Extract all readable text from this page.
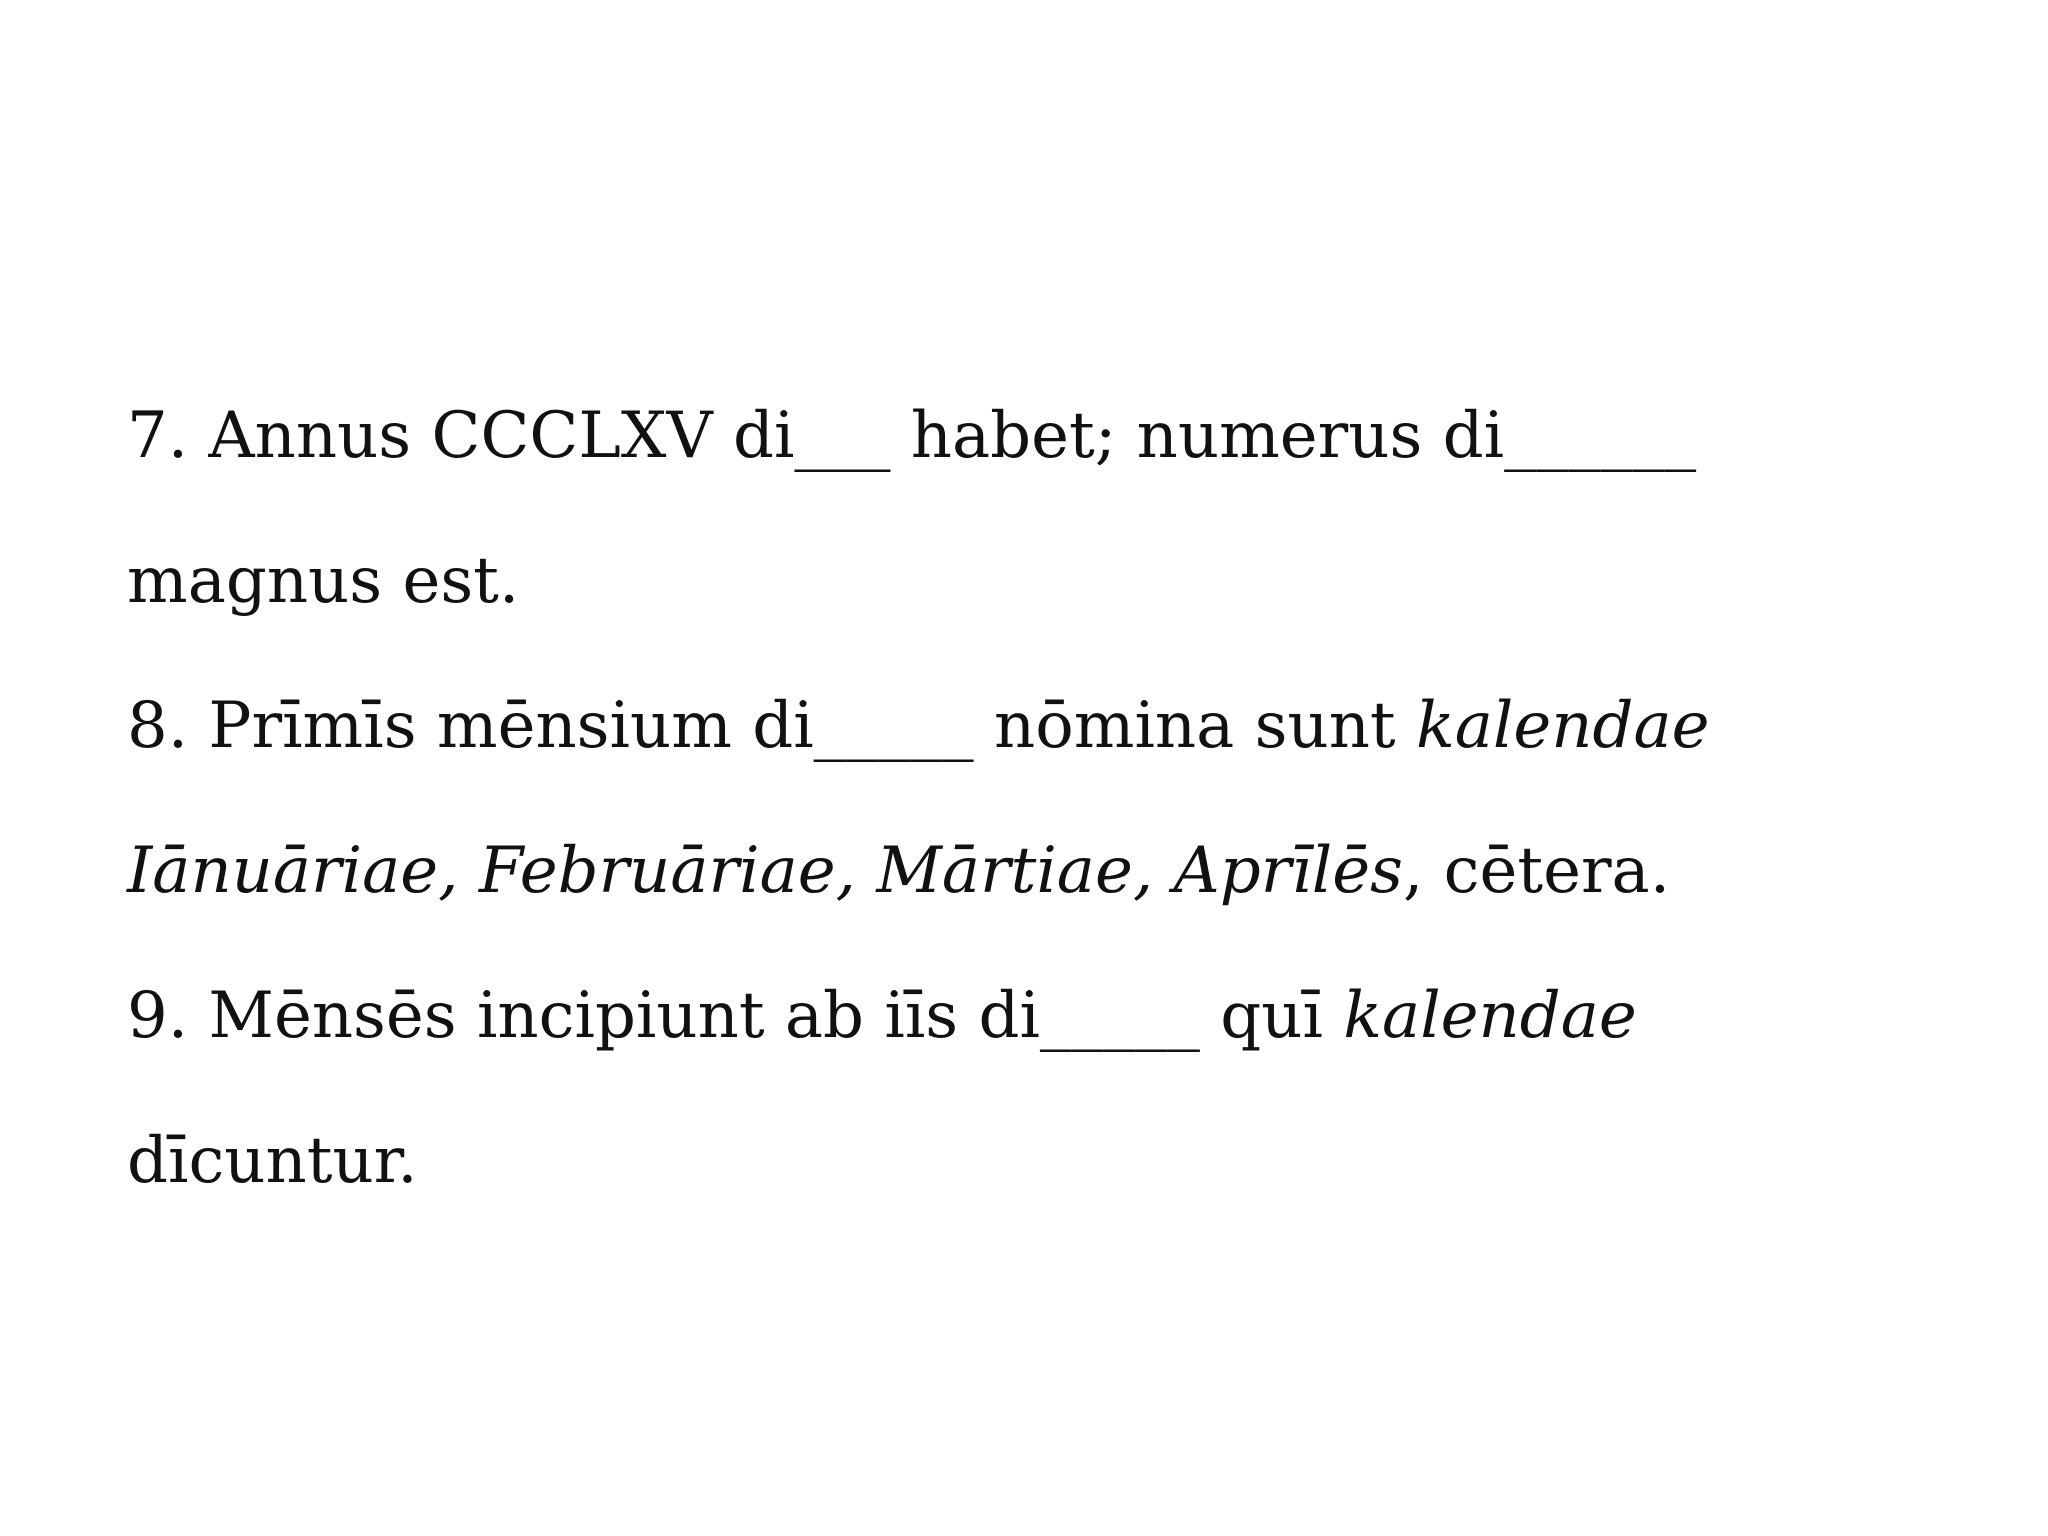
7. Annus CCCLXV di___ habet; numerus di______
magnus est.
8. Prīmīs mēnsium di_____ nōmina sunt kalendae
Iānuāriae, Februāriae, Mārtiae, Aprīlēs, cētera.
9. Mēnsēs incipiunt ab iīs di_____ quī kalendae
dīcuntur.
